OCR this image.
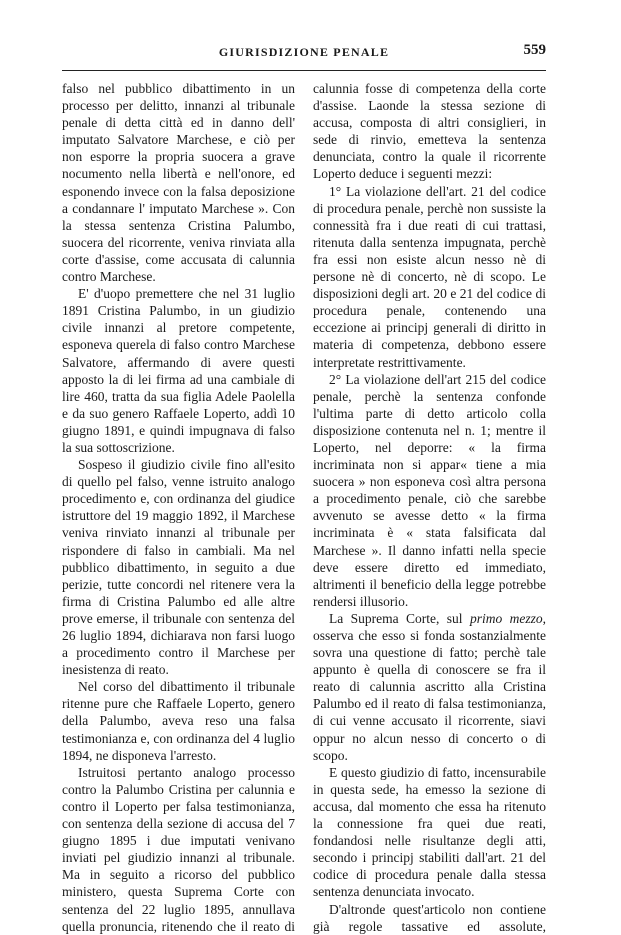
GIURISDIZIONE PENALE	559

falso nel pubblico dibattimento in un processo per delitto, innanzi al tribunale penale di detta città ed in danno dell' imputato Salvatore Marchese, e ciò per non esporre la propria suocera a grave nocumento nella libertà e nell'onore, ed esponendo invece con la falsa deposizione a condannare l' imputato Marchese ». Con la stessa sentenza Cristina Palumbo, suocera del ricorrente, veniva rinviata alla corte d'assise, come accusata di calunnia contro Marchese.

E' d'uopo premettere che nel 31 luglio 1891 Cristina Palumbo, in un giudizio civile innanzi al pretore competente, esponeva querela di falso contro Marchese Salvatore, affermando di avere questi apposto la di lei firma ad una cambiale di lire 460, tratta da sua figlia Adele Paolella e da suo genero Raffaele Loperto, addì 10 giugno 1891, e quindi impugnava di falso la sua sottoscrizione.

Sospeso il giudizio civile fino all'esito di quello pel falso, venne istruito analogo procedimento e, con ordinanza del giudice istruttore del 19 maggio 1892, il Marchese veniva rinviato innanzi al tribunale per rispondere di falso in cambiali. Ma nel pubblico dibattimento, in seguito a due perizie, tutte concordi nel ritenere vera la firma di Cristina Palumbo ed alle altre prove emerse, il tribunale con sentenza del 26 luglio 1894, dichiarava non farsi luogo a procedimento contro il Marchese per inesistenza di reato.

Nel corso del dibattimento il tribunale ritenne pure che Raffaele Loperto, genero della Palumbo, aveva reso una falsa testimonianza e, con ordinanza del 4 luglio 1894, ne disponeva l'arresto.

Istruitosi pertanto analogo processo contro la Palumbo Cristina per calunnia e contro il Loperto per falsa testimonianza, con sentenza della sezione di accusa del 7 giugno 1895 i due imputati venivano inviati pel giudizio innanzi al tribunale. Ma in seguito a ricorso del pubblico ministero, questa Suprema Corte con sentenza del 22 luglio 1895, annullava quella pronuncia, ritenendo che il reato di

calunnia fosse di competenza della corte d'assise. Laonde la stessa sezione di accusa, composta di altri consiglieri, in sede di rinvio, emetteva la sentenza denunciata, contro la quale il ricorrente Loperto deduce i seguenti mezzi:

1° La violazione dell'art. 21 del codice di procedura penale, perchè non sussiste la connessità fra i due reati di cui trattasi, ritenuta dalla sentenza impugnata, perchè fra essi non esiste alcun nesso nè di persone nè di concerto, nè di scopo. Le disposizioni degli art. 20 e 21 del codice di procedura penale, contenendo una eccezione ai principj generali di diritto in materia di competenza, debbono essere interpretate restrittivamente.

2° La violazione dell'art 215 del codice penale, perchè la sentenza confonde l'ultima parte di detto articolo colla disposizione contenuta nel n. 1; mentre il Loperto, nel deporre: « la firma incriminata non si appar« tiene a mia suocera » non esponeva così altra persona a procedimento penale, ciò che sarebbe avvenuto se avesse detto « la firma incriminata è « stata falsificata dal Marchese ». Il danno infatti nella specie deve essere diretto ed immediato, altrimenti il beneficio della legge potrebbe rendersi illusorio.

La Suprema Corte, sul primo mezzo, osserva che esso si fonda sostanzialmente sovra una questione di fatto; perchè tale appunto è quella di conoscere se fra il reato di calunnia ascritto alla Cristina Palumbo ed il reato di falsa testimonianza, di cui venne accusato il ricorrente, siavi oppur no alcun nesso di concerto o di scopo.

E questo giudizio di fatto, incensurabile in questa sede, ha emesso la sezione di accusa, dal momento che essa ha ritenuto la connessione fra quei due reati, fondandosi nelle risultanze degli atti, secondo i principj stabiliti dall'art. 21 del codice di procedura penale dalla stessa sentenza denunciata invocato.

D'altronde quest'articolo non contiene già regole tassative ed assolute,
